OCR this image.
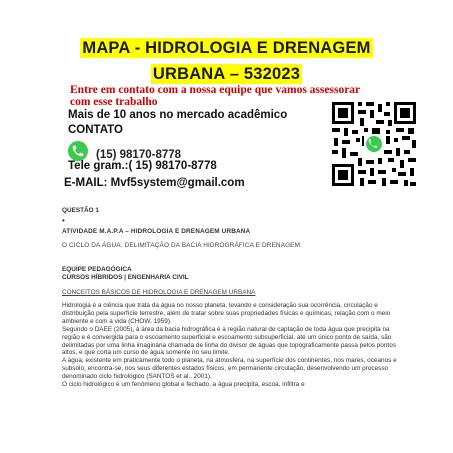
MAPA - HIDROLOGIA E DRENAGEM
URBANA – 532023
Entre em contato com a nossa equipe que vamos assessorar
com esse trabalho
Mais de 10 anos no mercado acadêmico
CONTATO
(15) 98170-8778
Tele gram.:( 15) 98170-8778
E-MAIL: Mvf5system@gmail.com
QUESTÃO 1
•
ATIVIDADE M.A.P.A – HIDROLOGIA E DRENAGEM URBANA
O CICLO DA ÁGUA: DELIMITAÇÃO DA BACIA HIDROGRÁFICA E DRENAGEM
EQUIPE PEDAGÓGICA
CURSOS HÍBRIDOS | ENGENHARIA CIVIL
CONCEITOS BÁSICOS DE HIDROLOGIA E DRENAGEM URBANA

Hidrologia é a ciência que trata da água no nosso planeta, levando e consideração sua ocorrência, circulação e distribuição pela superfície terrestre, além de tratar sobre suas propriedades físicas e químicas, relação com o meio ambiente e com a vida (CHOW, 1959).

Segundo o DAEE (2005), à área da bacia hidrográfica é a região natural de captação de toda água que precipita na região e é convergida para o escoamento superficial e escoamento subsuperficial, até um único ponto de saída, são delimitadas por uma linha imaginária chamada de linha do divisor de águas que topograficamente passa pelos pontos altos, e que corta um curso de água somente no seu limite.

A água, existente em praticamente todo o planeta, na atmosfera, na superfície dos continentes, nos mares, oceanos e subsolo, encontra-se, nos seus diferentes estados físicos, em permanente circulação, desenvolvendo um processo denominado ciclo hidrológico (SANTOS et al., 2001).

O ciclo hidrológico é um fenômeno global e fechado, a água precipita, escoa, infiltra e
